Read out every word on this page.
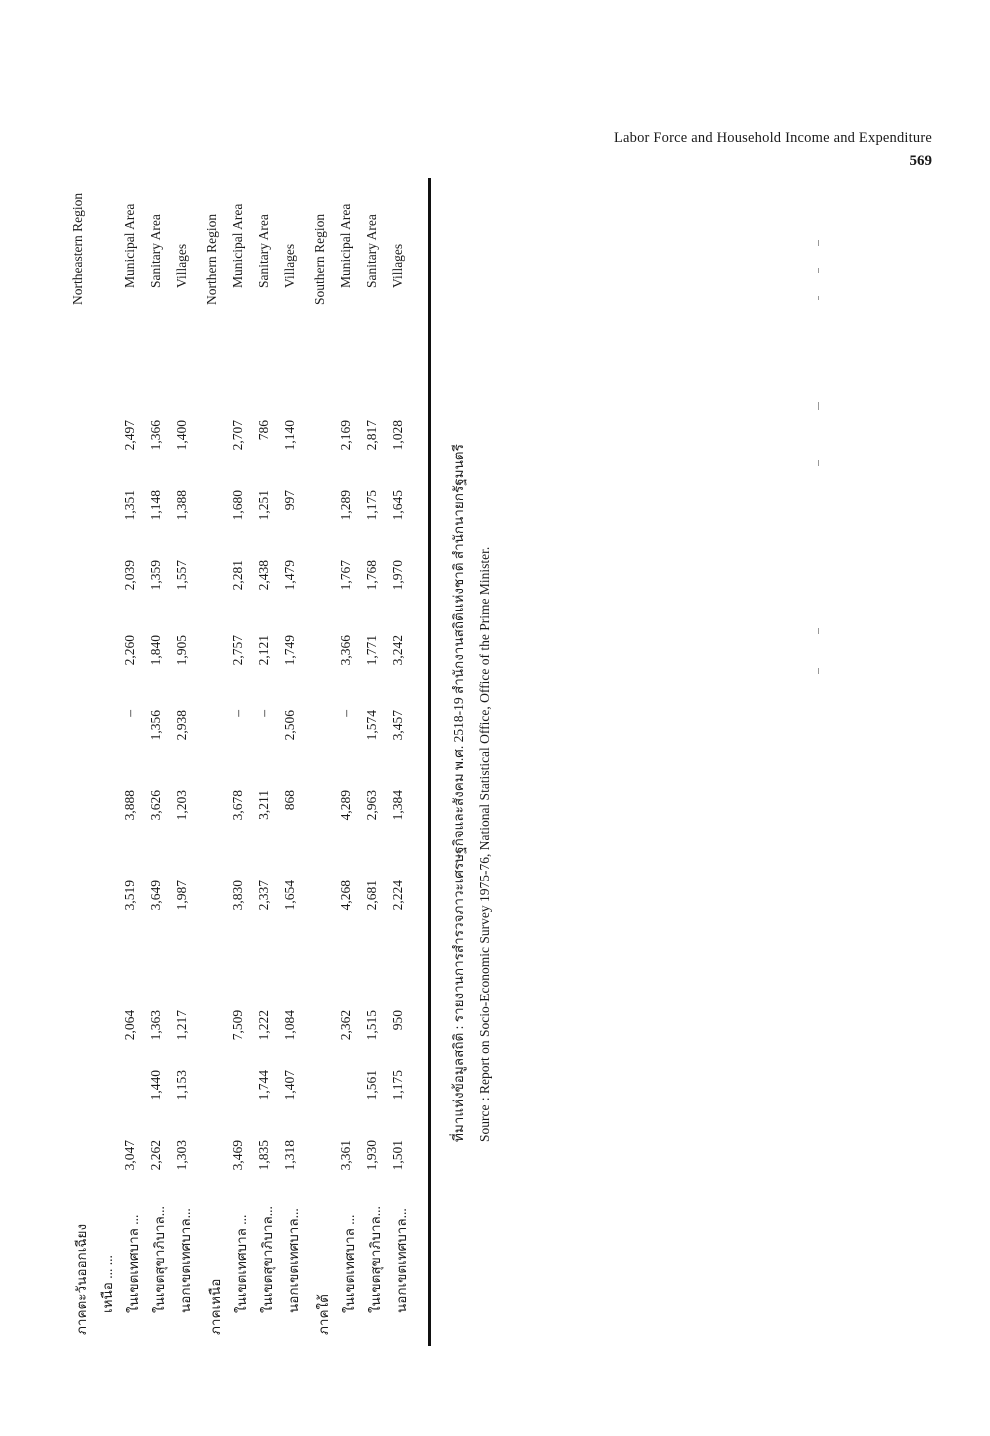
Labor Force and Household Income and Expenditure
569
ภาคตะวันออกเฉียง
Northeastern Region
เหนือ ... ... ในเขตเทศบาล ...
3,047
3,519
3,888
–
2,260
2,039
1,351
2,497
2,064
Municipal Area
ในเขตสุขาภิบาล...
2,262
1,440
1,363
3,649
3,626
1,356
1,840
1,359
1,148
1,366
Sanitary Area
นอกเขตเทศบาล...
1,303
1,153
1,217
1,987
1,203
2,938
1,905
1,557
1,388
1,400
Villages
ภาคเหนือ
Northern Region
ในเขตเทศบาล ...
3,469
3,830
3,678
–
2,757
2,281
1,680
2,707
7,509
Municipal Area
ในเขตสุขาภิบาล...
1,835
1,744
1,222
2,337
3,211
–
2,121
2,438
1,251
786
Sanitary Area
นอกเขตเทศบาล...
1,318
1,407
1,084
1,654
868
2,506
1,749
1,479
997
1,140
Villages
ภาคใต้
Southern Region
ในเขตเทศบาล ...
3,361
4,268
4,289
–
3,366
1,767
1,289
2,169
2,362
Municipal Area
ในเขตสุขาภิบาล...
1,930
1,561
1,515
2,681
2,963
1,574
1,771
1,768
1,175
2,817
Sanitary Area
นอกเขตเทศบาล...
1,501
1,175
950
2,224
1,384
3,457
3,242
1,970
1,645
1,028
Villages
ที่มาแห่งข้อมูลสถิติ : รายงานการสำรวจภาวะเศรษฐกิจและสังคม พ.ศ. 2518-19 สำนักงานสถิติแห่งชาติ สำนักนายกรัฐมนตรี Source : Report on Socio-Economic Survey 1975-76, National Statistical Office, Office of the Prime Minister.
